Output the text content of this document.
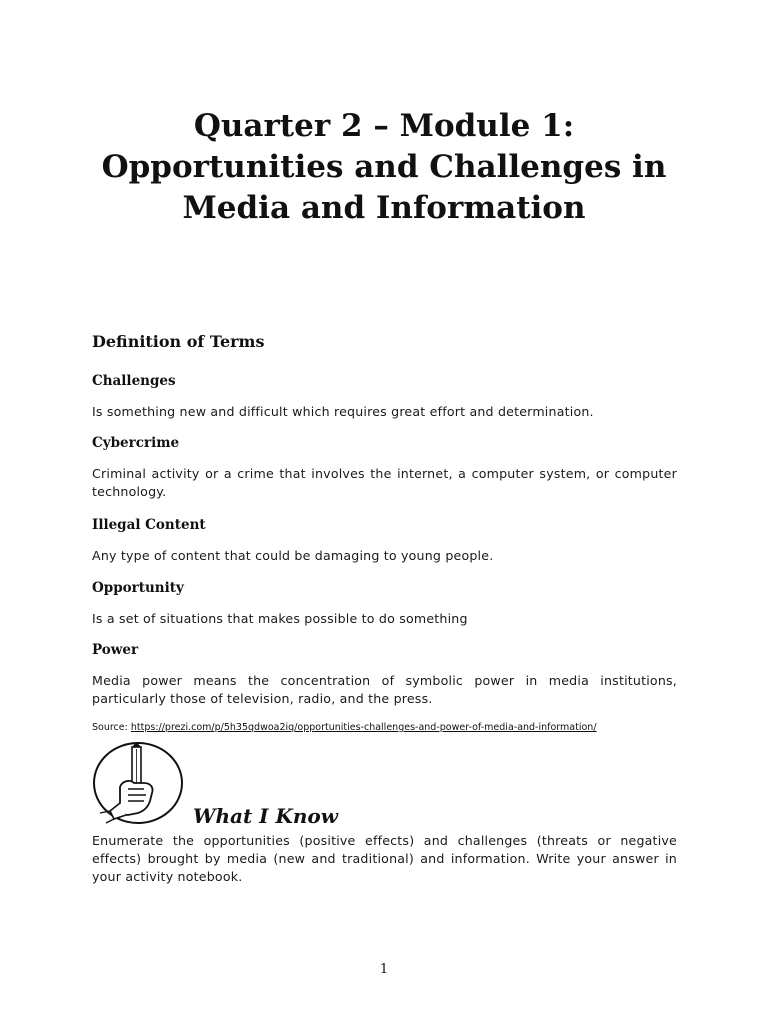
Quarter 2 – Module 1:
Opportunities and Challenges in
Media and Information
Definition of Terms
Challenges
Is something new and difficult which requires great effort and determination.
Cybercrime
Criminal activity or a crime that involves the internet, a computer system, or computer technology.
Illegal Content
Any type of content that could be damaging to young people.
Opportunity
Is a set of situations that makes possible to do something
Power
Media power means the concentration of symbolic power in media institutions, particularly those of television, radio, and the press.
Source: https://prezi.com/p/5h35qdwoa2iq/opportunities-challenges-and-power-of-media-and-information/
What I Know
Enumerate the opportunities (positive effects) and challenges (threats or negative effects) brought by media (new and traditional) and information. Write your answer in your activity notebook.
1
